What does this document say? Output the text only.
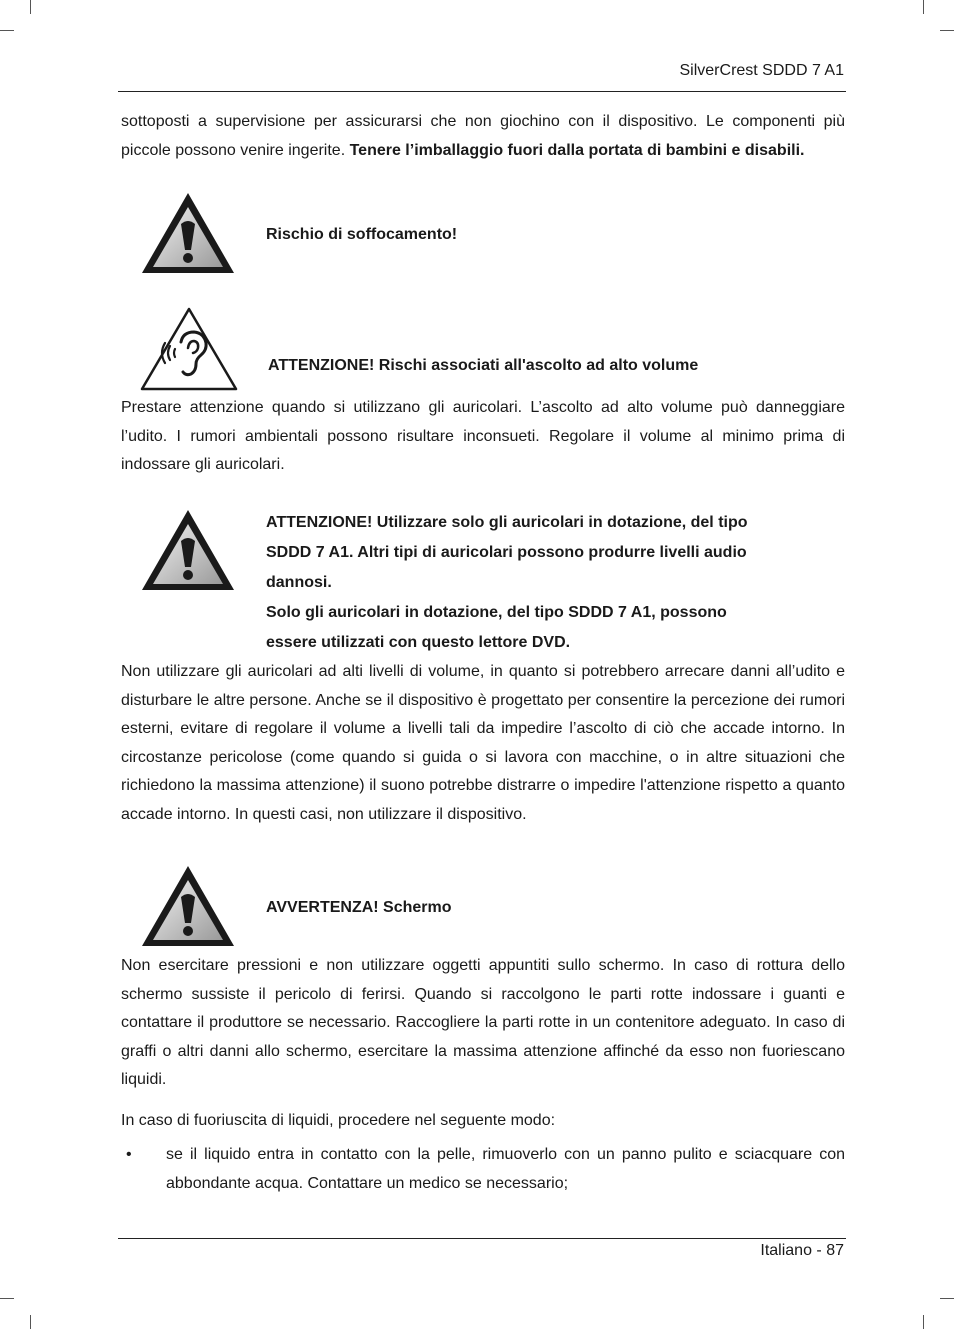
SilverCrest SDDD 7 A1
sottoposti a supervisione per assicurarsi che non giochino con il dispositivo. Le componenti più piccole possono venire ingerite. Tenere l’imballaggio fuori dalla portata di bambini e disabili.
Rischio di soffocamento!
ATTENZIONE! Rischi associati all'ascolto ad alto volume
Prestare attenzione quando si utilizzano gli auricolari. L’ascolto ad alto volume può danneggiare l’udito. I rumori ambientali possono risultare inconsueti. Regolare il volume al minimo prima di indossare gli auricolari.
ATTENZIONE! Utilizzare solo gli auricolari in dotazione, del tipo
SDDD 7 A1. Altri tipi di auricolari possono produrre livelli audio
dannosi.
Solo gli auricolari in dotazione, del tipo SDDD 7 A1, possono
essere utilizzati con questo lettore DVD.
Non utilizzare gli auricolari ad alti livelli di volume, in quanto si potrebbero arrecare danni all’udito e disturbare le altre persone. Anche se il dispositivo è progettato per consentire la percezione dei rumori esterni, evitare di regolare il volume a livelli tali da impedire l’ascolto di ciò che accade intorno. In circostanze pericolose (come quando si guida o si lavora con macchine, o in altre situazioni che richiedono la massima attenzione) il suono potrebbe distrarre o impedire l'attenzione rispetto a quanto accade intorno. In questi casi, non utilizzare il dispositivo.
AVVERTENZA! Schermo
Non esercitare pressioni e non utilizzare oggetti appuntiti sullo schermo. In caso di rottura dello schermo sussiste il pericolo di ferirsi. Quando si raccolgono le parti rotte indossare i guanti e contattare il produttore se necessario. Raccogliere la parti rotte in un contenitore adeguato. In caso di graffi o altri danni allo schermo, esercitare la massima attenzione affinché da esso non fuoriescano liquidi.
In caso di fuoriuscita di liquidi, procedere nel seguente modo:
• se il liquido entra in contatto con la pelle, rimuoverlo con un panno pulito e sciacquare con abbondante acqua. Contattare un medico se necessario;
Italiano - 87
